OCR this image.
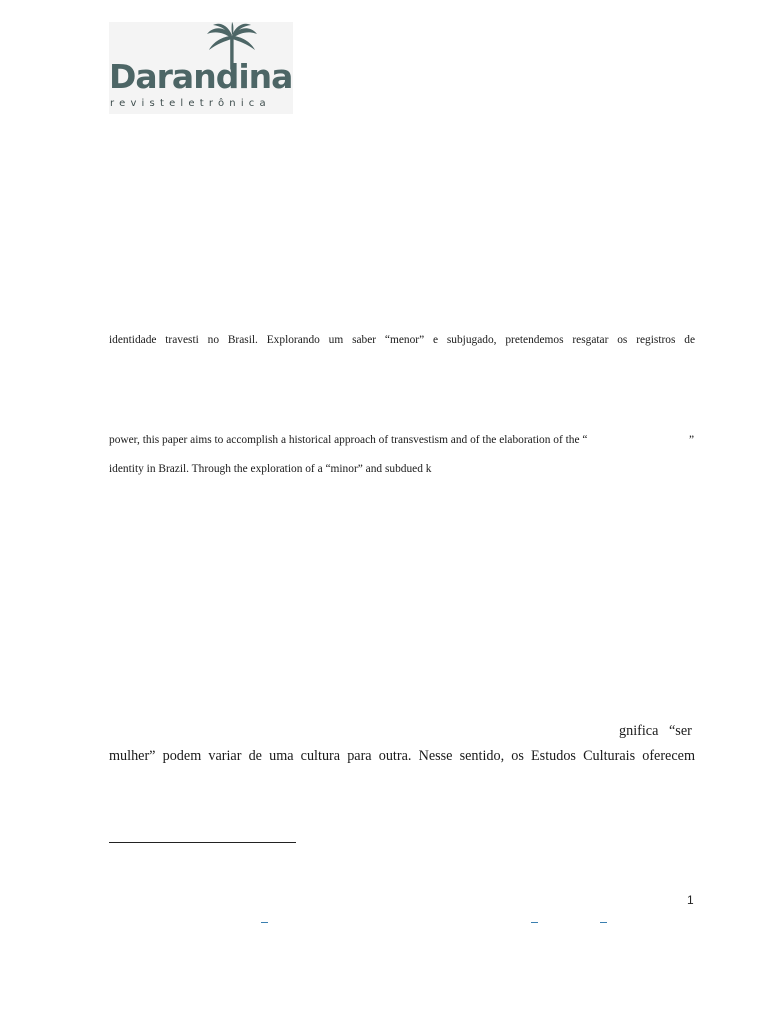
Darandina
revisteletrônica
identidade travesti no Brasil. Explorando um saber “menor” e subjugado, pretendemos resgatar os registros de
power, this paper aims to accomplish a historical approach of transvestism and of the elaboration of the “	”
identity in Brazil. Through the exploration of a “minor” and subdued k
gnifica “ser
mulher” podem variar de uma cultura para outra. Nesse sentido, os Estudos Culturais oferecem
1
